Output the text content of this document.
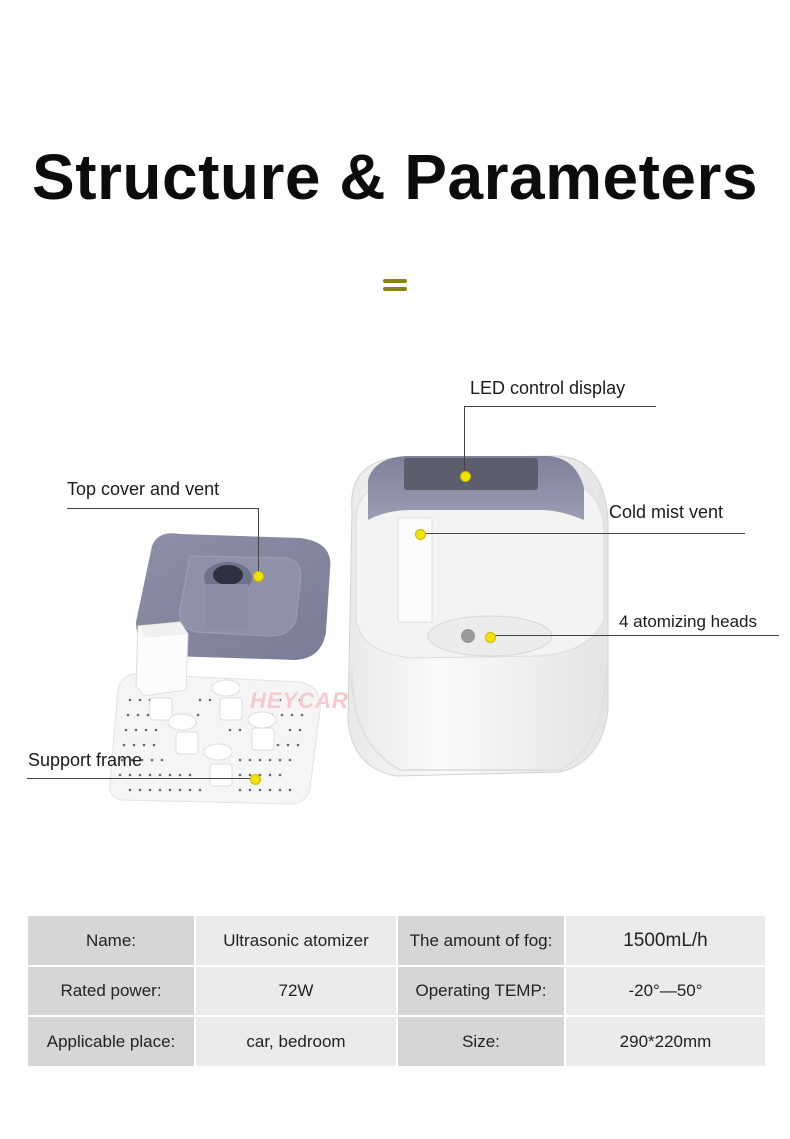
Structure & Parameters
HEYCAR
LED control display
Top cover and vent
Cold mist vent
4 atomizing heads
Support frame
Name:	Ultrasonic atomizer	The amount of fog:	1500mL/h
Rated power:	72W	Operating TEMP:	-20°—50°
Applicable place:	car, bedroom	Size:	290*220mm
